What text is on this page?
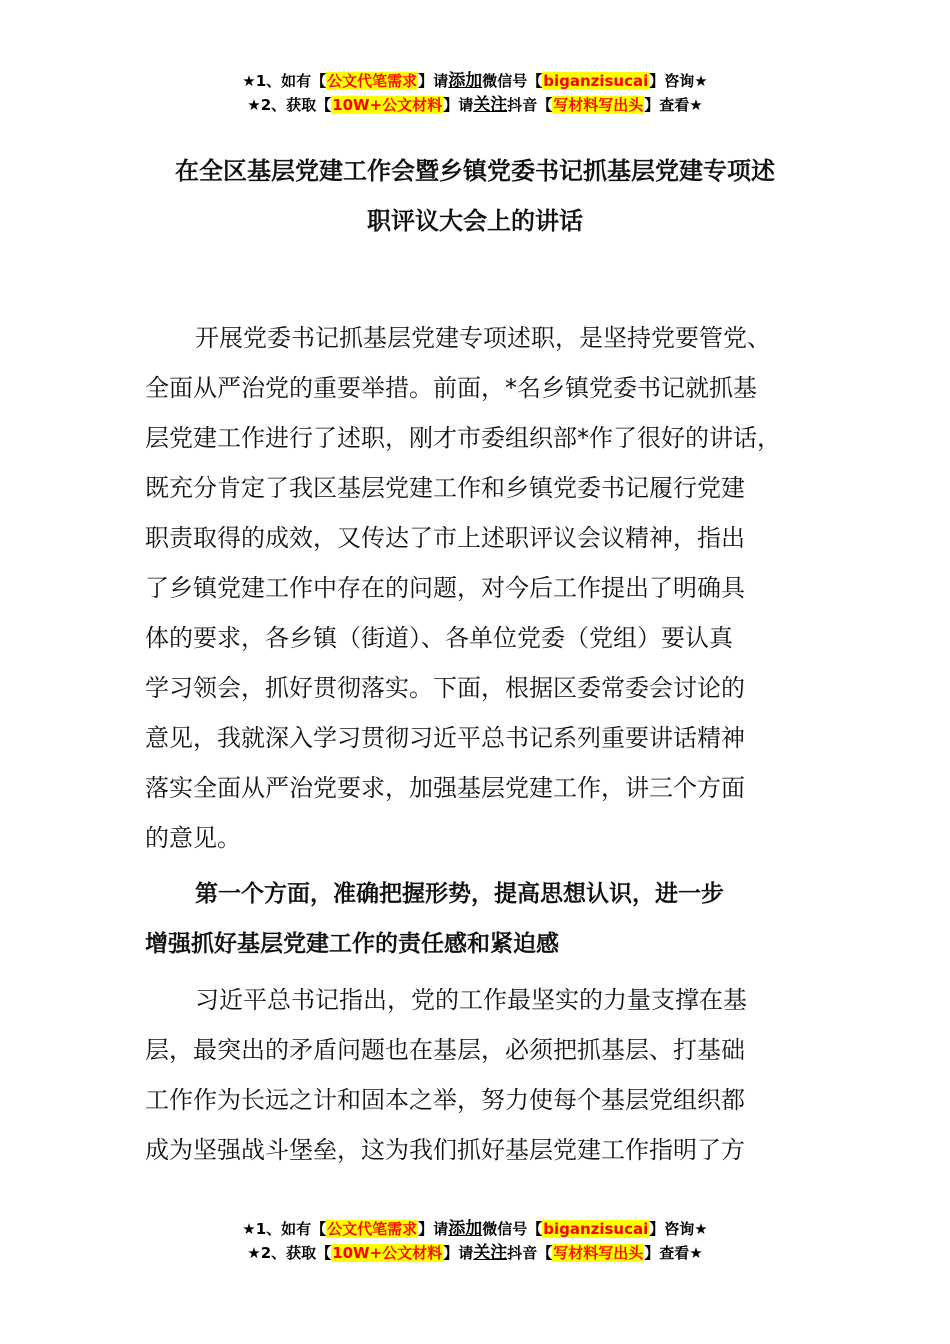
★1、如有【公文代笔需求】请添加微信号【biganzisucai】咨询★
★2、获取【10W+公文材料】请关注抖音【写材料写出头】查看★
在全区基层党建工作会暨乡镇党委书记抓基层党建专项述
职评议大会上的讲话
开展党委书记抓基层党建专项述职，是坚持党要管党、
全面从严治党的重要举措。前面，*名乡镇党委书记就抓基
层党建工作进行了述职，刚才市委组织部*作了很好的讲话，
既充分肯定了我区基层党建工作和乡镇党委书记履行党建
职责取得的成效，又传达了市上述职评议会议精神，指出
了乡镇党建工作中存在的问题，对今后工作提出了明确具
体的要求，各乡镇（街道）、各单位党委（党组）要认真
学习领会，抓好贯彻落实。下面，根据区委常委会讨论的
意见，我就深入学习贯彻习近平总书记系列重要讲话精神
落实全面从严治党要求，加强基层党建工作，讲三个方面
的意见。
第一个方面，准确把握形势，提高思想认识，进一步
增强抓好基层党建工作的责任感和紧迫感
习近平总书记指出，党的工作最坚实的力量支撑在基
层，最突出的矛盾问题也在基层，必须把抓基层、打基础
工作作为长远之计和固本之举，努力使每个基层党组织都
成为坚强战斗堡垒，这为我们抓好基层党建工作指明了方
★1、如有【公文代笔需求】请添加微信号【biganzisucai】咨询★
★2、获取【10W+公文材料】请关注抖音【写材料写出头】查看★
